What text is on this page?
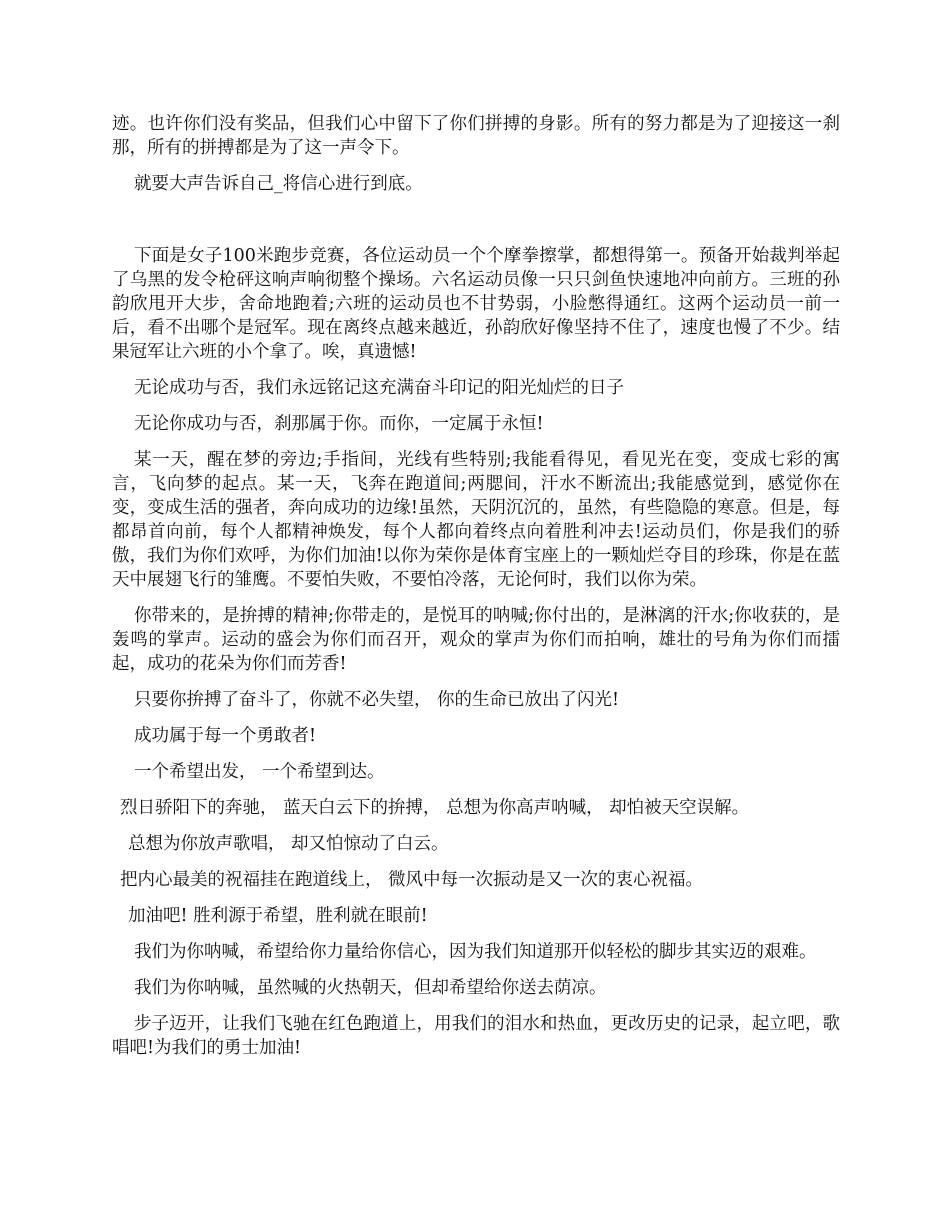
迹。也许你们没有奖品，但我们心中留下了你们拼搏的身影。所有的努力都是为了迎接这一刹那，所有的拼搏都是为了这一声令下。

就要大声告诉自己_将信心进行到底。

下面是女子100米跑步竞赛，各位运动员一个个摩拳擦掌，都想得第一。预备开始裁判举起了乌黑的发令枪砰这响声响彻整个操场。六名运动员像一只只剑鱼快速地冲向前方。三班的孙韵欣甩开大步，舍命地跑着;六班的运动员也不甘势弱，小脸憋得通红。这两个运动员一前一后，看不出哪个是冠军。现在离终点越来越近，孙韵欣好像坚持不住了，速度也慢了不少。结果冠军让六班的小个拿了。唉，真遗憾!

无论成功与否，我们永远铭记这充满奋斗印记的阳光灿烂的日子

无论你成功与否，刹那属于你。而你，一定属于永恒!

某一天，醒在梦的旁边;手指间，光线有些特别;我能看得见，看见光在变，变成七彩的寓言，飞向梦的起点。某一天，飞奔在跑道间;两腮间，汗水不断流出;我能感觉到，感觉你在变，变成生活的强者，奔向成功的边缘!虽然，天阴沉沉的，虽然，有些隐隐的寒意。但是，每都昂首向前，每个人都精神焕发，每个人都向着终点向着胜利冲去!运动员们，你是我们的骄傲，我们为你们欢呼，为你们加油!以你为荣你是体育宝座上的一颗灿烂夺目的珍珠，你是在蓝天中展翅飞行的雏鹰。不要怕失败，不要怕冷落，无论何时，我们以你为荣。

你带来的，是拚搏的精神;你带走的，是悦耳的呐喊;你付出的，是淋漓的汗水;你收获的，是轰鸣的掌声。运动的盛会为你们而召开，观众的掌声为你们而拍响，雄壮的号角为你们而擂起，成功的花朵为你们而芳香!

只要你拚搏了奋斗了，你就不必失望， 你的生命已放出了闪光!

成功属于每一个勇敢者!

一个希望出发， 一个希望到达。

烈日骄阳下的奔驰， 蓝天白云下的拚搏， 总想为你高声呐喊， 却怕被天空误解。

总想为你放声歌唱， 却又怕惊动了白云。

把内心最美的祝福挂在跑道线上， 微风中每一次振动是又一次的衷心祝福。

加油吧! 胜利源于希望，胜利就在眼前!

我们为你呐喊，希望给你力量给你信心，因为我们知道那开似轻松的脚步其实迈的艰难。

我们为你呐喊，虽然喊的火热朝天，但却希望给你送去荫凉。

步子迈开，让我们飞驰在红色跑道上，用我们的泪水和热血，更改历史的记录，起立吧，歌唱吧!为我们的勇士加油!
